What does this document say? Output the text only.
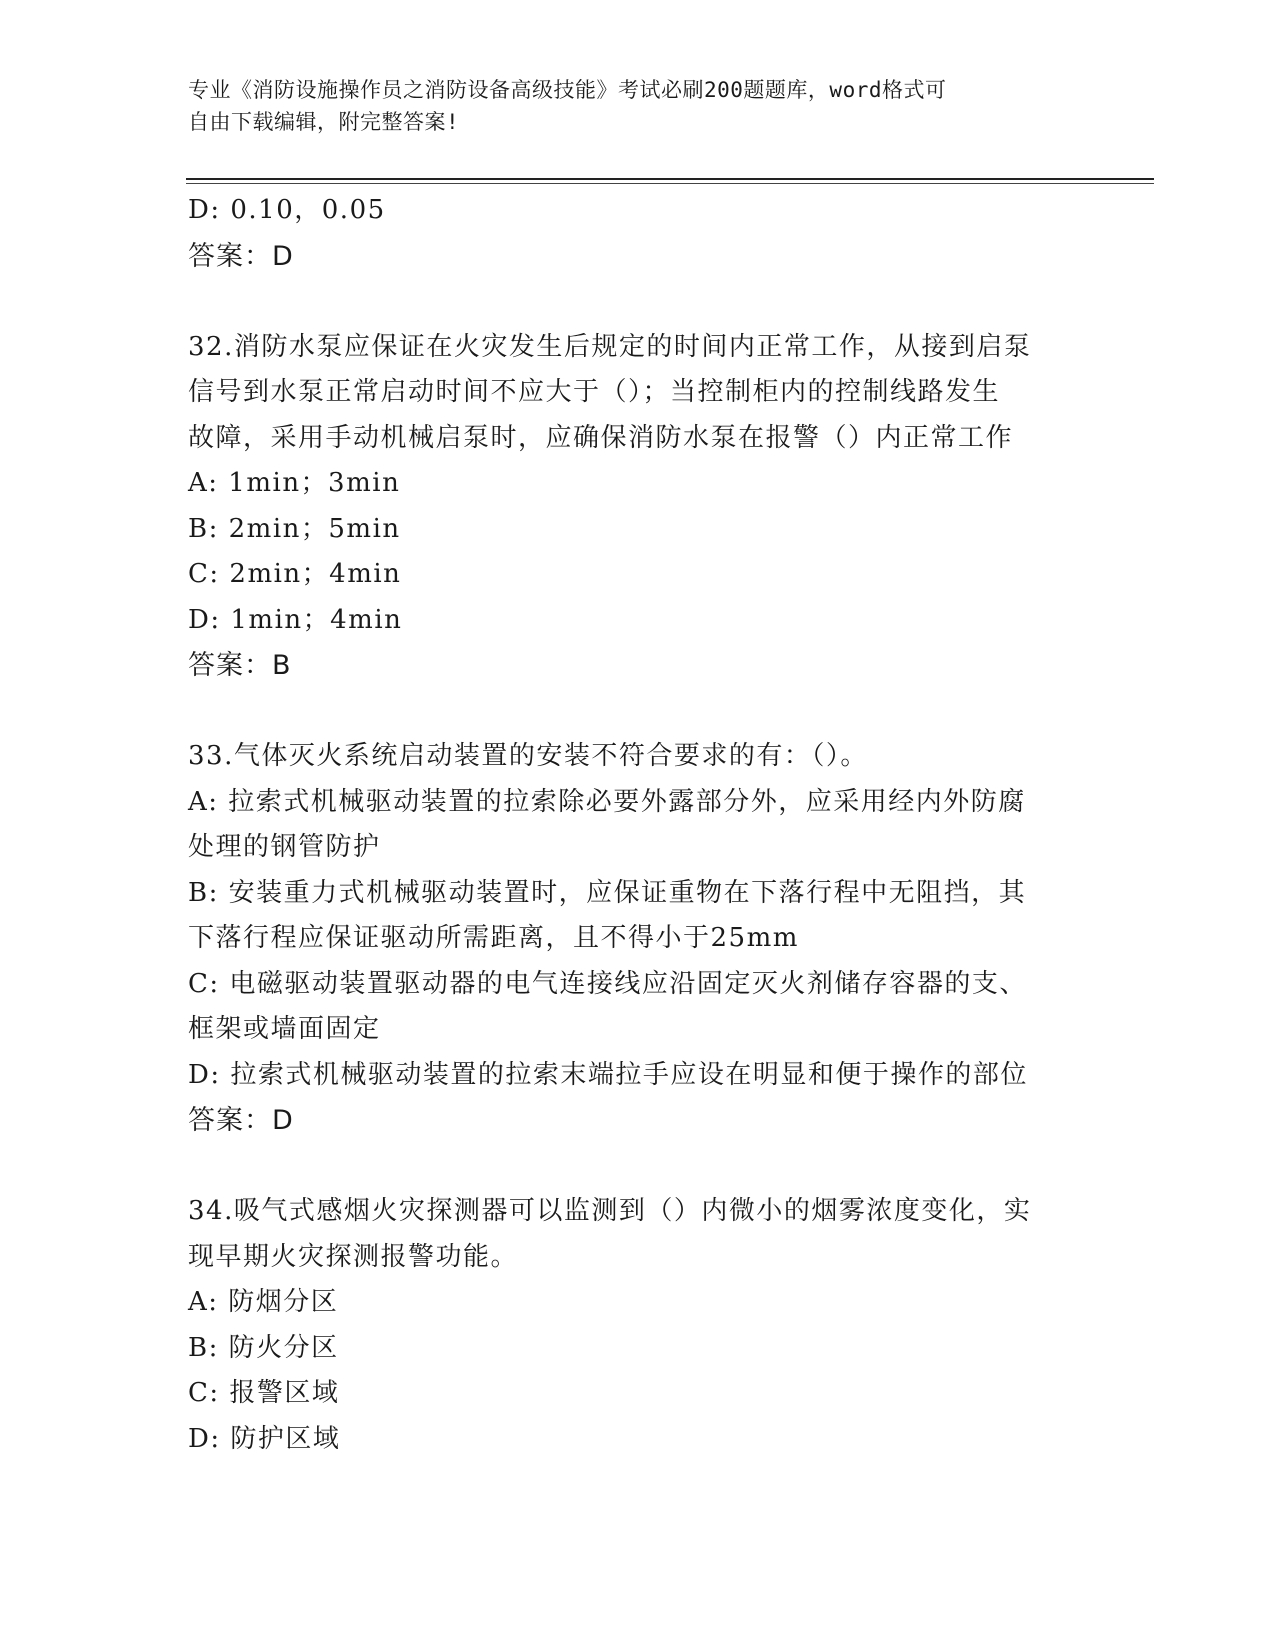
专业《消防设施操作员之消防设备高级技能》考试必刷200题题库，word格式可
自由下载编辑，附完整答案!
D: 0.10，0.05
答案：D
32.消防水泵应保证在火灾发生后规定的时间内正常工作，从接到启泵
信号到水泵正常启动时间不应大于（）；当控制柜内的控制线路发生
故障，采用手动机械启泵时，应确保消防水泵在报警（）内正常工作
A: 1min；3min
B: 2min；5min
C: 2min；4min
D: 1min；4min
答案：B
33.气体灭火系统启动装置的安装不符合要求的有：（）。
A: 拉索式机械驱动装置的拉索除必要外露部分外，应采用经内外防腐
处理的钢管防护
B: 安装重力式机械驱动装置时，应保证重物在下落行程中无阻挡，其
下落行程应保证驱动所需距离，且不得小于25mm
C: 电磁驱动装置驱动器的电气连接线应沿固定灭火剂储存容器的支、
框架或墙面固定
D: 拉索式机械驱动装置的拉索末端拉手应设在明显和便于操作的部位
答案：D
34.吸气式感烟火灾探测器可以监测到（）内微小的烟雾浓度变化，实
现早期火灾探测报警功能。
A: 防烟分区
B: 防火分区
C: 报警区域
D: 防护区域
